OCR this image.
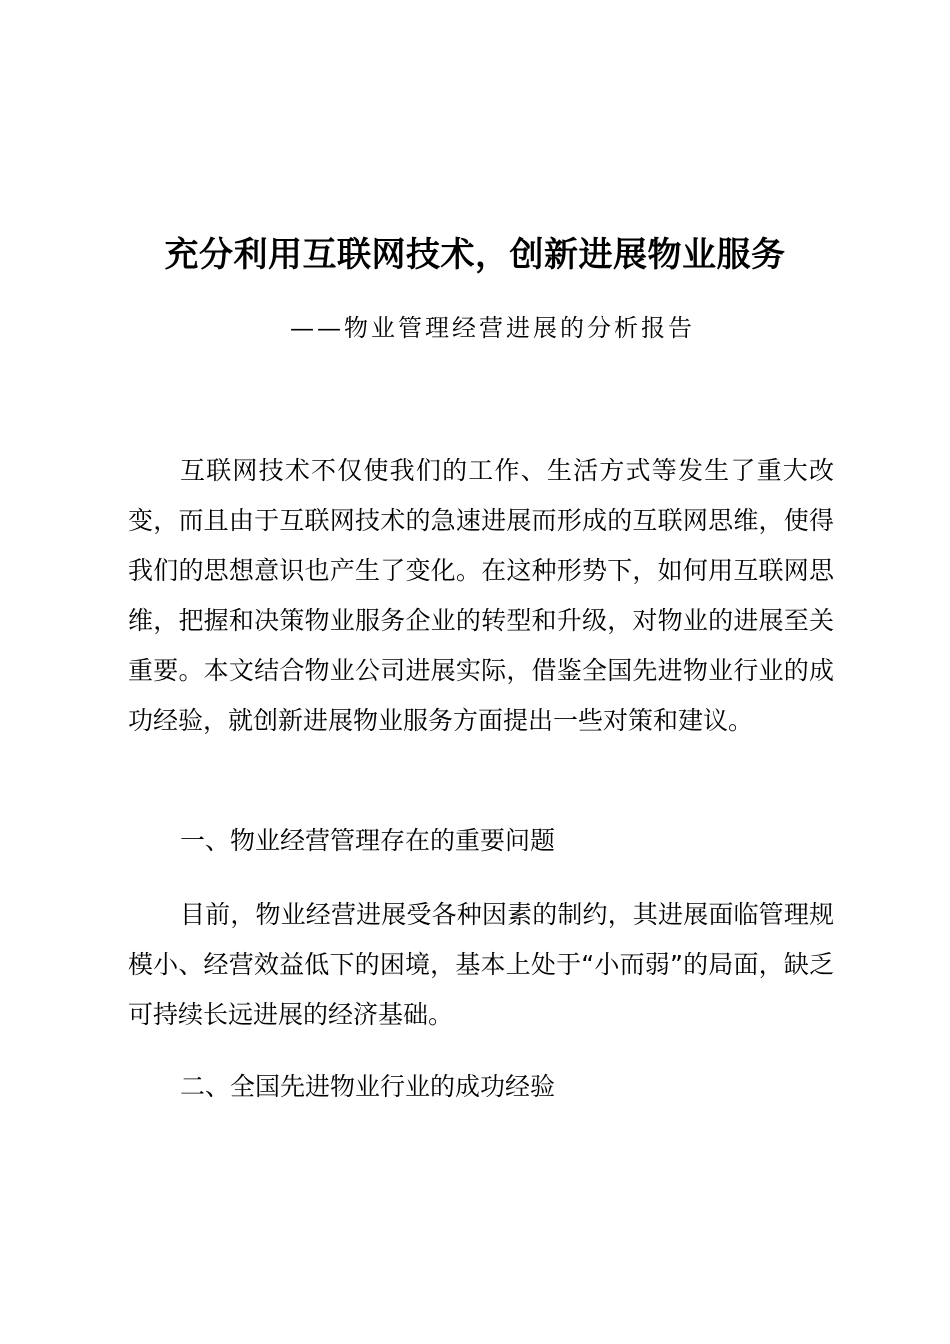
充分利用互联网技术，创新进展物业服务

——物业管理经营进展的分析报告

互联网技术不仅使我们的工作、生活方式等发生了重大改变，而且由于互联网技术的急速进展而形成的互联网思维，使得我们的思想意识也产生了变化。在这种形势下，如何用互联网思维，把握和决策物业服务企业的转型和升级，对物业的进展至关重要。本文结合物业公司进展实际，借鉴全国先进物业行业的成功经验，就创新进展物业服务方面提出一些对策和建议。

一、物业经营管理存在的重要问题

目前，物业经营进展受各种因素的制约，其进展面临管理规模小、经营效益低下的困境，基本上处于“小而弱”的局面，缺乏可持续长远进展的经济基础。

二、全国先进物业行业的成功经验
